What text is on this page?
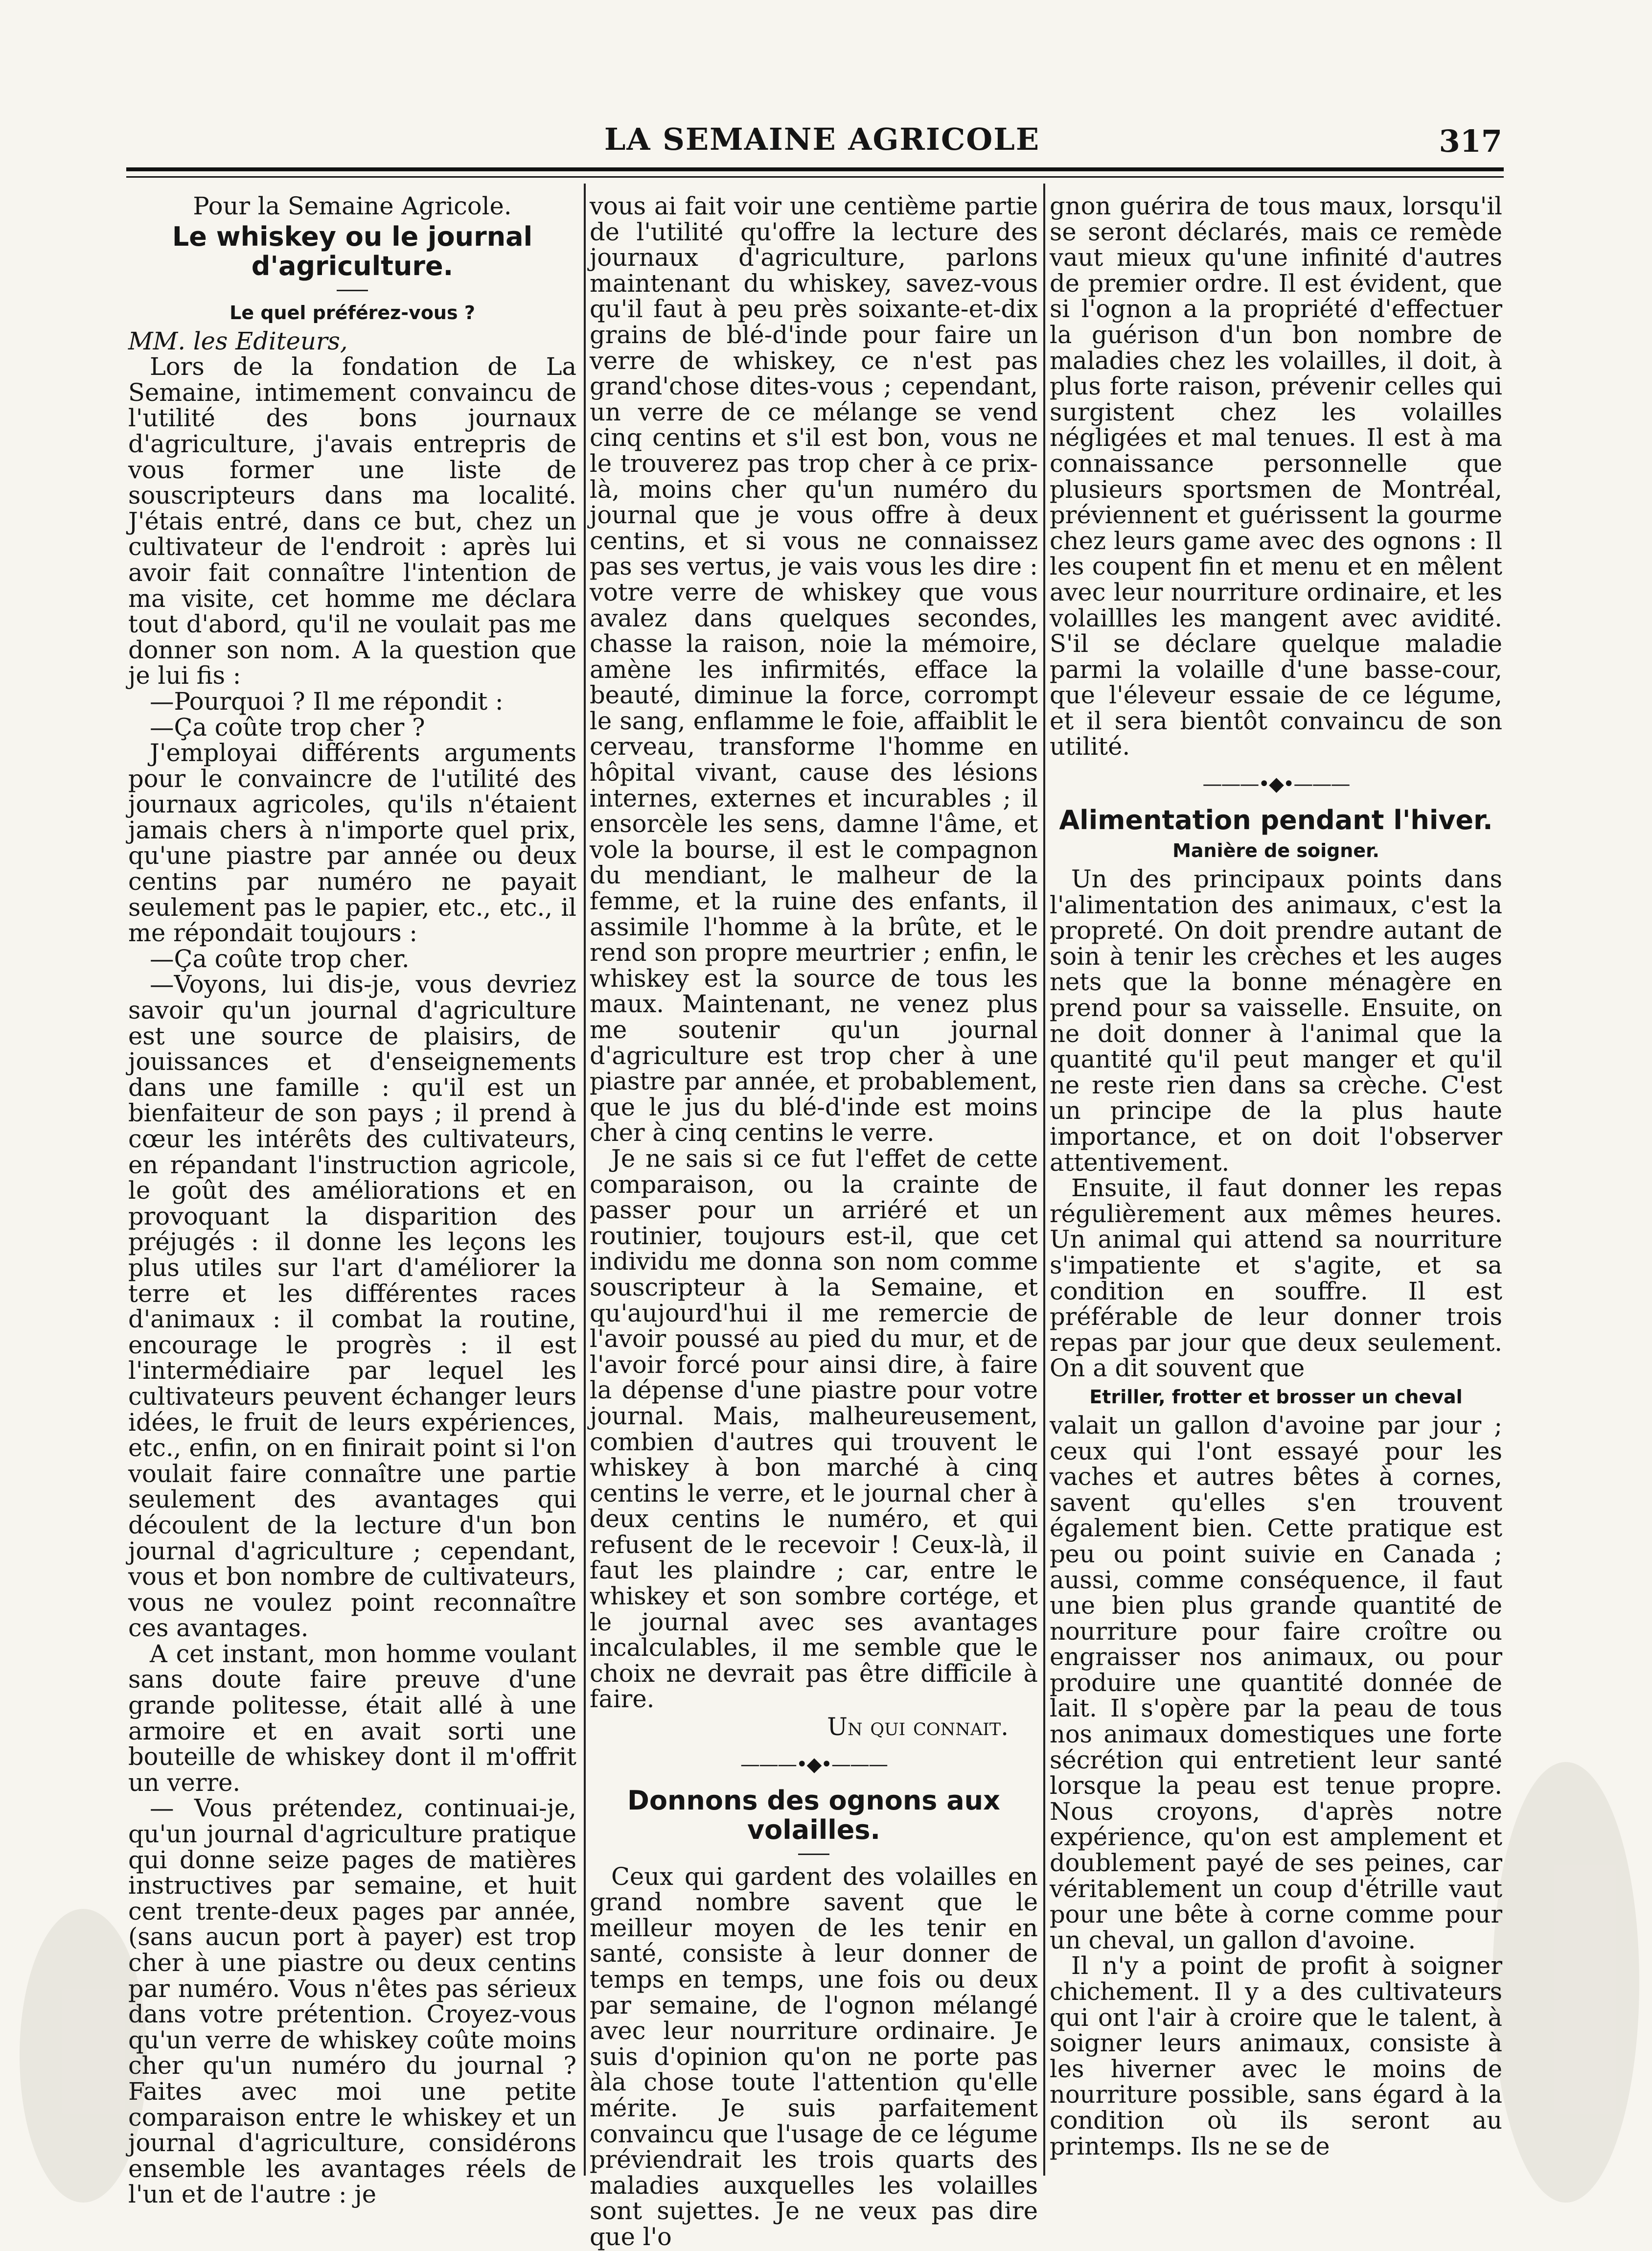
LA SEMAINE AGRICOLE	317

Pour la Semaine Agricole.

Le whiskey ou le journal d'agriculture.
Le quel préférez-vous ?

MM. les Editeurs,

Lors de la fondation de La Semaine, intimement convaincu de l'utilité des bons journaux d'agriculture, j'avais entrepris de vous former une liste de souscripteurs dans ma localité. J'étais entré, dans ce but, chez un cultivateur de l'endroit : après lui avoir fait connaître l'intention de ma visite, cet homme me déclara tout d'abord, qu'il ne voulait pas me donner son nom. A la question que je lui fis :

—Pourquoi ? Il me répondit :

—Ça coûte trop cher ?

J'employai différents arguments pour le convaincre de l'utilité des journaux agricoles, qu'ils n'étaient jamais chers à n'importe quel prix, qu'une piastre par année ou deux centins par numéro ne payait seulement pas le papier, etc., etc., il me répondait toujours :

—Ça coûte trop cher.

—Voyons, lui dis-je, vous devriez savoir qu'un journal d'agriculture est une source de plaisirs, de jouissances et d'enseignements dans une famille : qu'il est un bienfaiteur de son pays ; il prend à cœur les intérêts des cultivateurs, en répandant l'instruction agricole, le goût des améliorations et en provoquant la disparition des préjugés : il donne les leçons les plus utiles sur l'art d'améliorer la terre et les différentes races d'animaux : il combat la routine, encourage le progrès : il est l'intermédiaire par lequel les cultivateurs peuvent échanger leurs idées, le fruit de leurs expériences, etc., enfin, on en finirait point si l'on voulait faire connaître une partie seulement des avantages qui découlent de la lecture d'un bon journal d'agriculture ; cependant, vous et bon nombre de cultivateurs, vous ne voulez point reconnaître ces avantages.

A cet instant, mon homme voulant sans doute faire preuve d'une grande politesse, était allé à une armoire et en avait sorti une bouteille de whiskey dont il m'offrit un verre.

— Vous prétendez, continuai-je, qu'un journal d'agriculture pratique qui donne seize pages de matières instructives par semaine, et huit cent trente-deux pages par année, (sans aucun port à payer) est trop cher à une piastre ou deux centins par numéro. Vous n'êtes pas sérieux dans votre prétention. Croyez-vous qu'un verre de whiskey coûte moins cher qu'un numéro du journal ? Faites avec moi une petite comparaison entre le whiskey et un journal d'agriculture, considérons ensemble les avantages réels de l'un et de l'autre : je

vous ai fait voir une centième partie de l'utilité qu'offre la lecture des journaux d'agriculture, parlons maintenant du whiskey, savez-vous qu'il faut à peu près soixante-et-dix grains de blé-d'inde pour faire un verre de whiskey, ce n'est pas grand'chose dites-vous ; cependant, un verre de ce mélange se vend cinq centins et s'il est bon, vous ne le trouverez pas trop cher à ce prix-là, moins cher qu'un numéro du journal que je vous offre à deux centins, et si vous ne connaissez pas ses vertus, je vais vous les dire : votre verre de whiskey que vous avalez dans quelques secondes, chasse la raison, noie la mémoire, amène les infirmités, efface la beauté, diminue la force, corrompt le sang, enflamme le foie, affaiblit le cerveau, transforme l'homme en hôpital vivant, cause des lésions internes, externes et incurables ; il ensorcèle les sens, damne l'âme, et vole la bourse, il est le compagnon du mendiant, le malheur de la femme, et la ruine des enfants, il assimile l'homme à la brûte, et le rend son propre meurtrier ; enfin, le whiskey est la source de tous les maux. Maintenant, ne venez plus me soutenir qu'un journal d'agriculture est trop cher à une piastre par année, et probablement, que le jus du blé-d'inde est moins cher à cinq centins le verre.

Je ne sais si ce fut l'effet de cette comparaison, ou la crainte de passer pour un arriéré et un routinier, toujours est-il, que cet individu me donna son nom comme souscripteur à la Semaine, et qu'aujourd'hui il me remercie de l'avoir poussé au pied du mur, et de l'avoir forcé pour ainsi dire, à faire la dépense d'une piastre pour votre journal. Mais, malheureusement, combien d'autres qui trouvent le whiskey à bon marché à cinq centins le verre, et le journal cher à deux centins le numéro, et qui refusent de le recevoir ! Ceux-là, il faut les plaindre ; car, entre le whiskey et son sombre cortége, et le journal avec ses avantages incalculables, il me semble que le choix ne devrait pas être difficile à faire.

Un qui connait.

———•◆•———
Donnons des ognons aux volailles.

Ceux qui gardent des volailles en grand nombre savent que le meilleur moyen de les tenir en santé, consiste à leur donner de temps en temps, une fois ou deux par semaine, de l'ognon mélangé avec leur nourriture ordinaire. Je suis d'opinion qu'on ne porte pas àla chose toute l'attention qu'elle mérite. Je suis parfaitement convaincu que l'usage de ce légume préviendrait les trois quarts des maladies auxquelles les volailles sont sujettes. Je ne veux pas dire que l'o

gnon guérira de tous maux, lorsqu'il se seront déclarés, mais ce remède vaut mieux qu'une infinité d'autres de premier ordre. Il est évident, que si l'ognon a la propriété d'effectuer la guérison d'un bon nombre de maladies chez les volailles, il doit, à plus forte raison, prévenir celles qui surgistent chez les volailles négligées et mal tenues. Il est à ma connaissance personnelle que plusieurs sportsmen de Montréal, préviennent et guérissent la gourme chez leurs game avec des ognons : Il les coupent fin et menu et en mêlent avec leur nourriture ordinaire, et les volaillles les mangent avec avidité. S'il se déclare quelque maladie parmi la volaille d'une basse-cour, que l'éleveur essaie de ce légume, et il sera bientôt convaincu de son utilité.

———•◆•———
Alimentation pendant l'hiver.
Manière de soigner.

Un des principaux points dans l'alimentation des animaux, c'est la propreté. On doit prendre autant de soin à tenir les crèches et les auges nets que la bonne ménagère en prend pour sa vaisselle. Ensuite, on ne doit donner à l'animal que la quantité qu'il peut manger et qu'il ne reste rien dans sa crèche. C'est un principe de la plus haute importance, et on doit l'observer attentivement.

Ensuite, il faut donner les repas régulièrement aux mêmes heures. Un animal qui attend sa nourriture s'impatiente et s'agite, et sa condition en souffre. Il est préférable de leur donner trois repas par jour que deux seulement. On a dit souvent que

Etriller, frotter et brosser un cheval

valait un gallon d'avoine par jour ; ceux qui l'ont essayé pour les vaches et autres bêtes à cornes, savent qu'elles s'en trouvent également bien. Cette pratique est peu ou point suivie en Canada ; aussi, comme conséquence, il faut une bien plus grande quantité de nourriture pour faire croître ou engraisser nos animaux, ou pour produire une quantité donnée de lait. Il s'opère par la peau de tous nos animaux domestiques une forte sécrétion qui entretient leur santé lorsque la peau est tenue propre. Nous croyons, d'après notre expérience, qu'on est amplement et doublement payé de ses peines, car véritablement un coup d'étrille vaut pour une bête à corne comme pour un cheval, un gallon d'avoine.

Il n'y a point de profit à soigner chichement. Il y a des cultivateurs qui ont l'air à croire que le talent, à soigner leurs animaux, consiste à les hiverner avec le moins de nourriture possible, sans égard à la condition où ils seront au printemps. Ils ne se de
